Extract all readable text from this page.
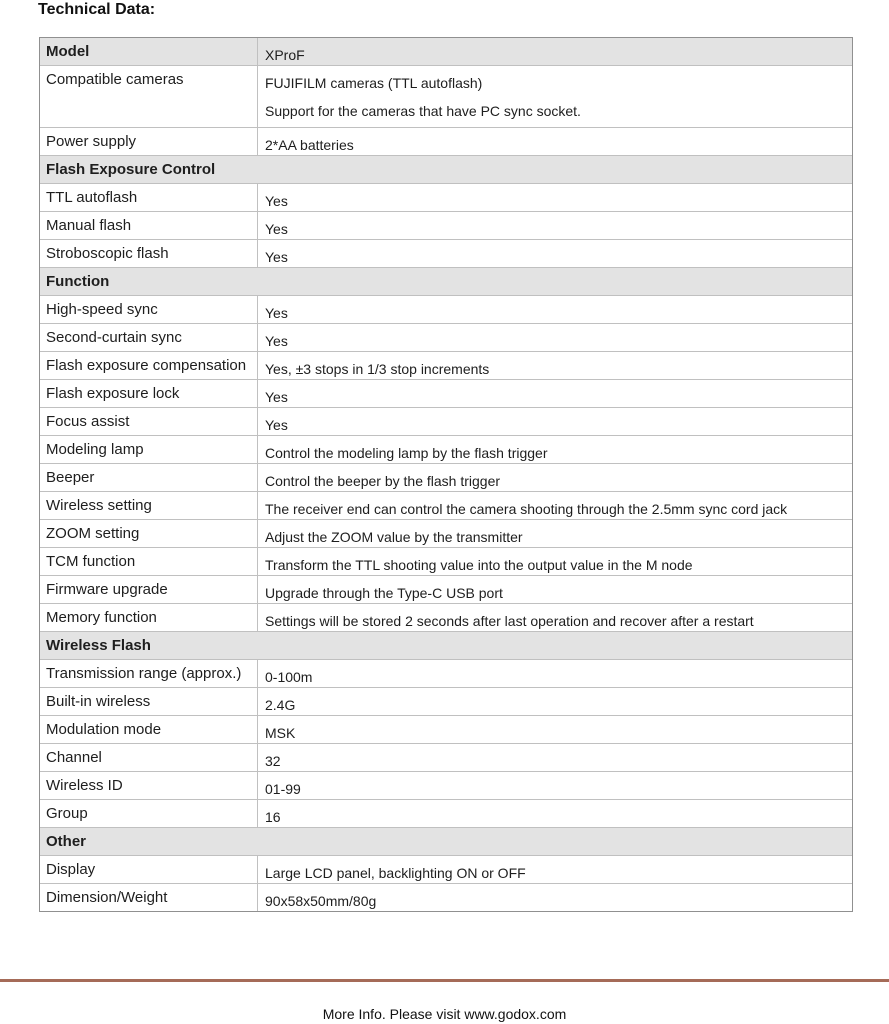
Technical Data:
Model	XProF
Compatible cameras	FUJIFILM cameras (TTL autoflash)

Support for the cameras that have PC sync socket.

Power supply	2*AA batteries
Flash Exposure Control	
TTL autoflash	Yes
Manual flash	Yes
Stroboscopic flash	Yes
Function	
High-speed sync	Yes
Second-curtain sync	Yes
Flash exposure compensation	Yes, ±3 stops in 1/3 stop increments
Flash exposure lock	Yes
Focus assist	Yes
Modeling lamp	Control the modeling lamp by the flash trigger
Beeper	Control the beeper by the flash trigger
Wireless setting	The receiver end can control the camera shooting through the 2.5mm sync cord jack
ZOOM setting	Adjust the ZOOM value by the transmitter
TCM function	Transform the TTL shooting value into the output value in the M node
Firmware upgrade	Upgrade through the Type-C USB port
Memory function	Settings will be stored 2 seconds after last operation and recover after a restart
Wireless Flash	
Transmission range (approx.)	0-100m
Built-in wireless	2.4G
Modulation mode	MSK
Channel	32
Wireless ID	01-99
Group	16
Other	
Display	Large LCD panel, backlighting ON or OFF
Dimension/Weight	90x58x50mm/80g
More Info. Please visit www.godox.com
